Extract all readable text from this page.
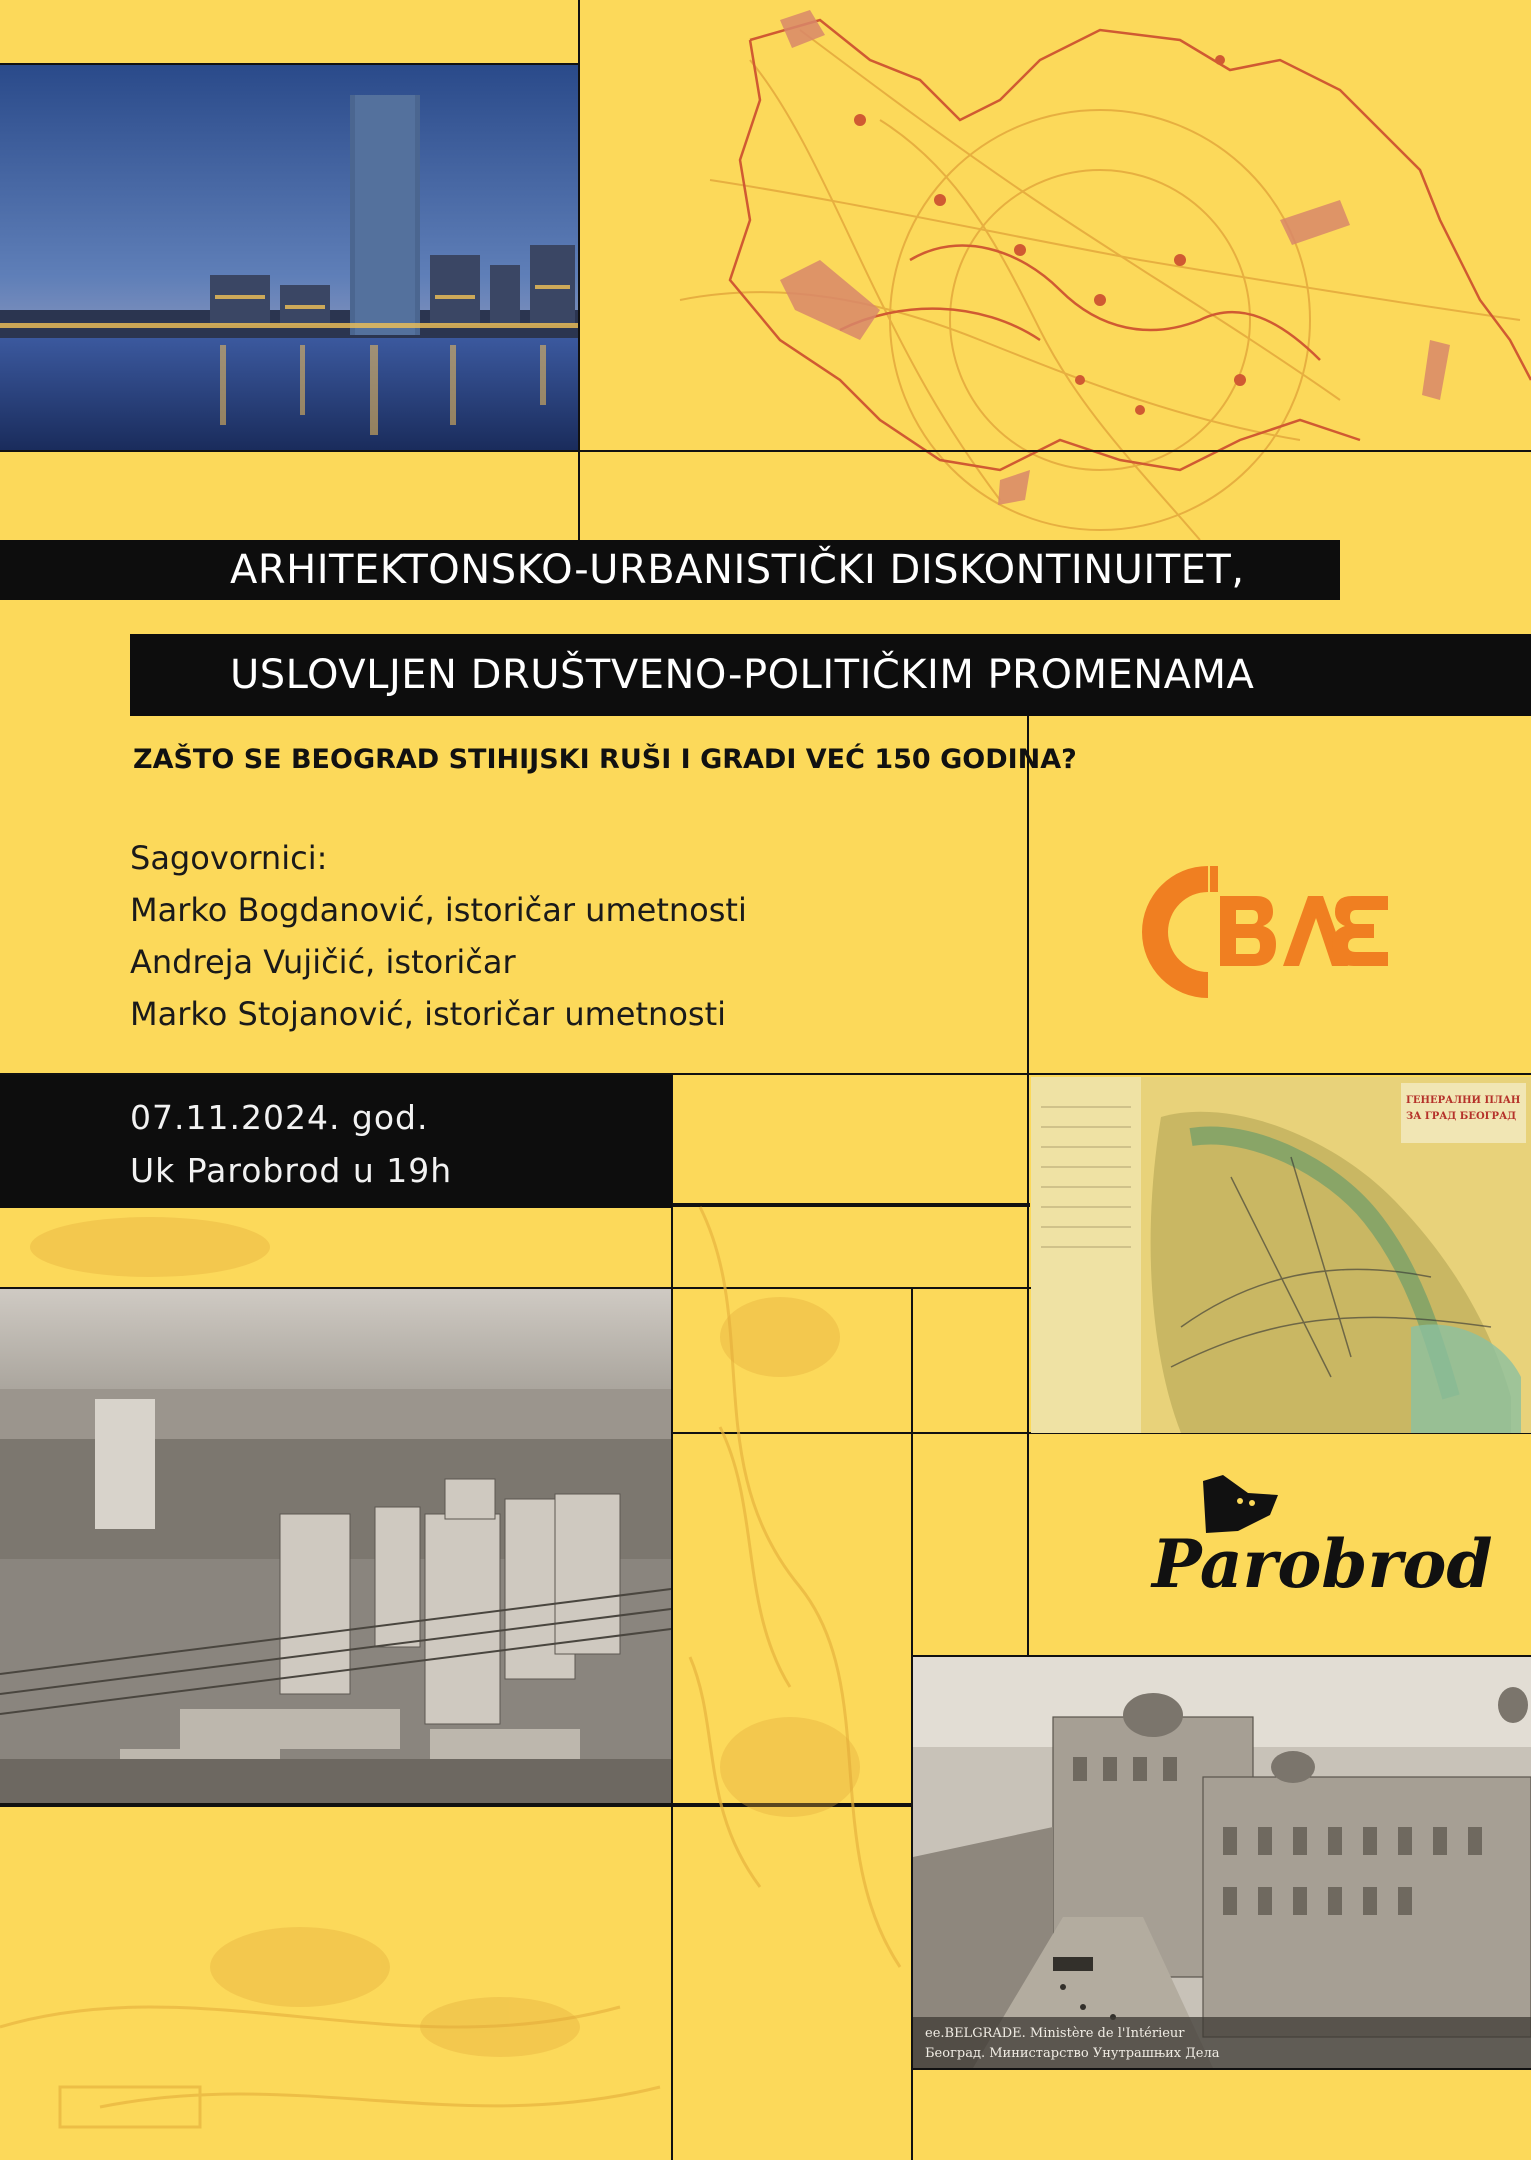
ARHITEKTONSKO-URBANISTIČKI DISKONTINUITET,
USLOVLJEN DRUŠTVENO-POLITIČKIM PROMENAMA
ZAŠTO SE BEOGRAD STIHIJSKI RUŠI I GRADI VEĆ 150 GODINA?
Sagovornici:
Marko Bogdanović, istoričar umetnosti
Andreja Vujičić, istoričar
Marko Stojanović, istoričar umetnosti
07.11.2024. god.
Uk Parobrod u 19h
ГЕНЕРАЛНИ ПЛАН
ЗА ГРАД БЕОГРАД
Parobrod
ee.BELGRADE. Ministère de l'Intérieur
Београд. Министарство Унутрашњих Дела
